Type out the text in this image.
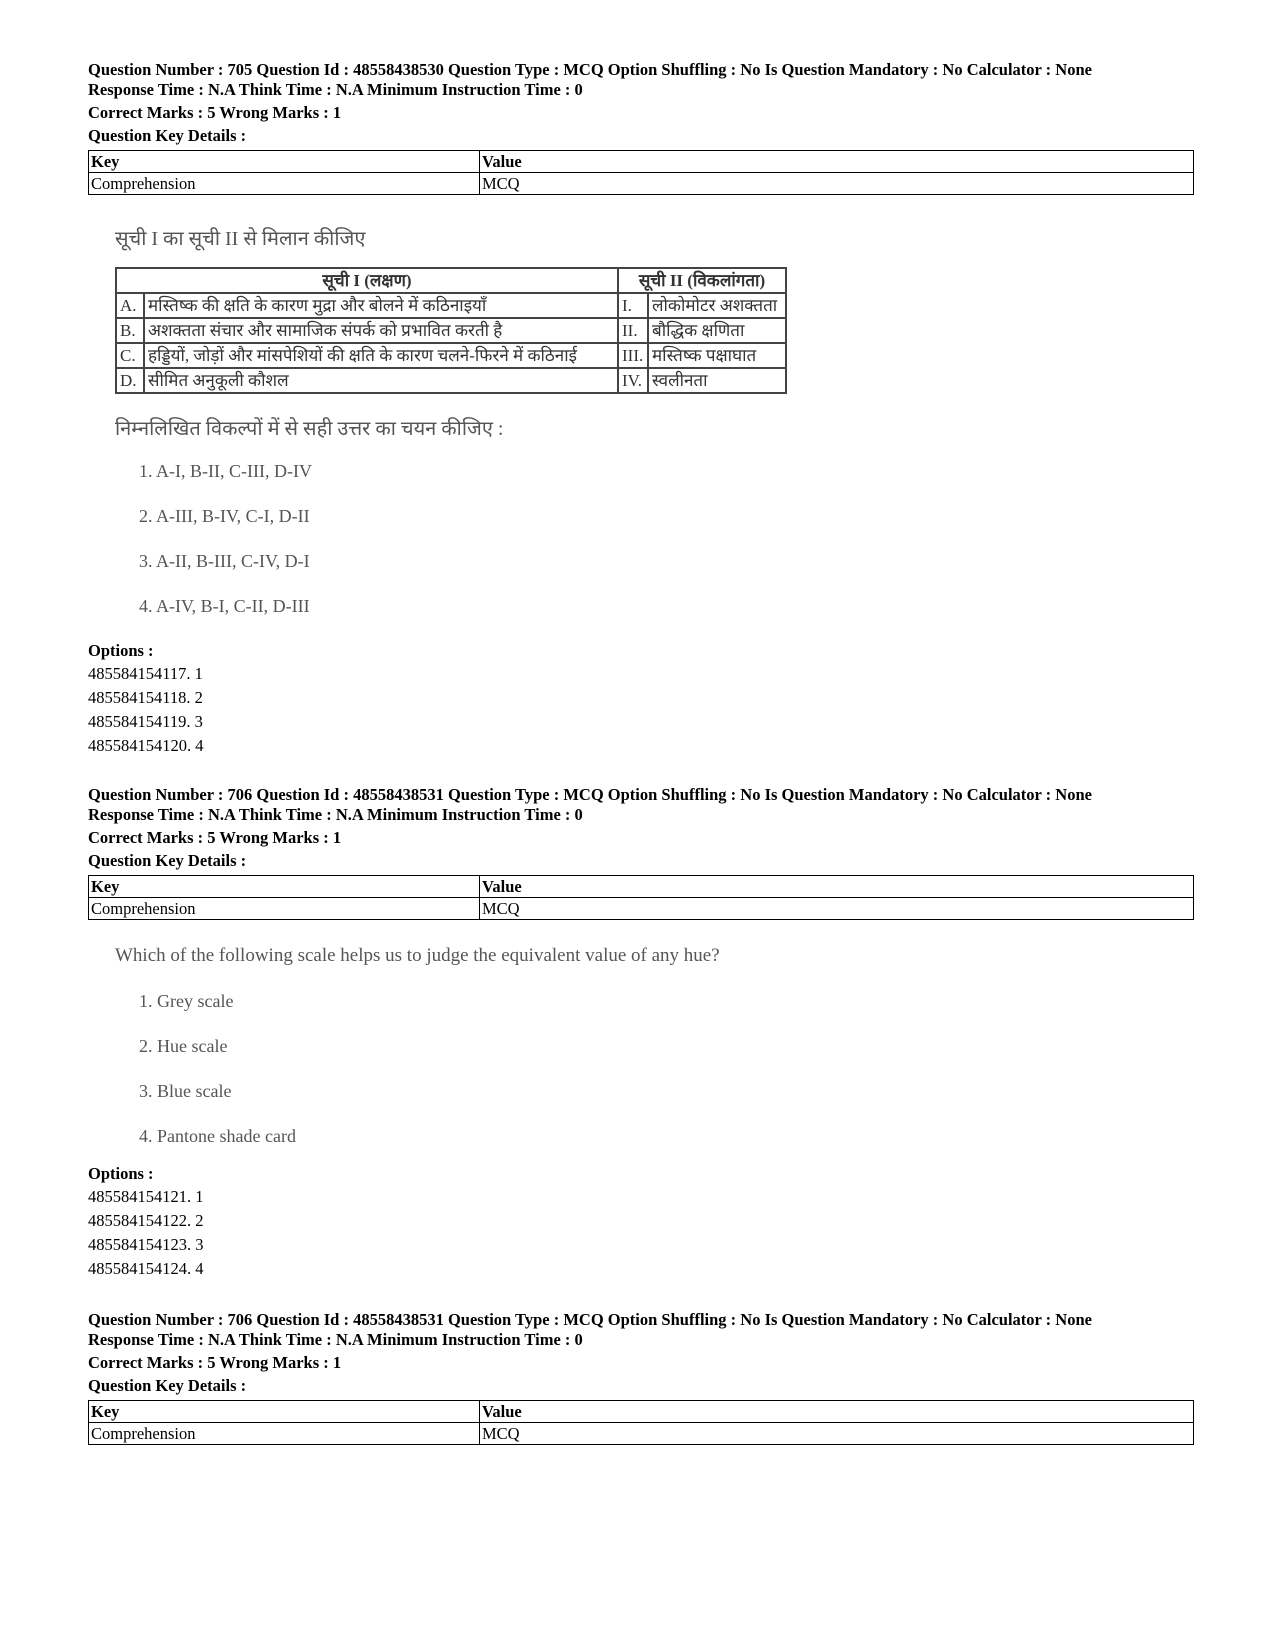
Question Number : 705 Question Id : 48558438530 Question Type : MCQ Option Shuffling : No Is Question Mandatory : No Calculator : None
Response Time : N.A Think Time : N.A Minimum Instruction Time : 0
Correct Marks : 5 Wrong Marks : 1
Question Key Details :
Key	Value
Comprehension	MCQ

सूची I का सूची II से मिलान कीजिए

सूची I (लक्षण)		सूची II (विकलांगता)	
A.	मस्तिष्क की क्षति के कारण मुद्रा और बोलने में कठिनाइयाँ	I.	लोकोमोटर अशक्तता
B.	अशक्तता संचार और सामाजिक संपर्क को प्रभावित करती है	II.	बौद्धिक क्षणिता
C.	हड्डियों, जोड़ों और मांसपेशियों की क्षति के कारण चलने-फिरने में कठिनाई	III.	मस्तिष्क पक्षाघात
D.	सीमित अनुकूली कौशल	IV.	स्वलीनता

निम्नलिखित विकल्पों में से सही उत्तर का चयन कीजिए :

1. A-I, B-II, C-III, D-IV

2. A-III, B-IV, C-I, D-II

3. A-II, B-III, C-IV, D-I

4. A-IV, B-I, C-II, D-III

Options :
485584154117. 1
485584154118. 2
485584154119. 3
485584154120. 4
Question Number : 706 Question Id : 48558438531 Question Type : MCQ Option Shuffling : No Is Question Mandatory : No Calculator : None
Response Time : N.A Think Time : N.A Minimum Instruction Time : 0
Correct Marks : 5 Wrong Marks : 1
Question Key Details :
Key	Value
Comprehension	MCQ

Which of the following scale helps us to judge the equivalent value of any hue?

1. Grey scale

2. Hue scale

3. Blue scale

4. Pantone shade card

Options :
485584154121. 1
485584154122. 2
485584154123. 3
485584154124. 4
Question Number : 706 Question Id : 48558438531 Question Type : MCQ Option Shuffling : No Is Question Mandatory : No Calculator : None
Response Time : N.A Think Time : N.A Minimum Instruction Time : 0
Correct Marks : 5 Wrong Marks : 1
Question Key Details :
Key	Value
Comprehension	MCQ
